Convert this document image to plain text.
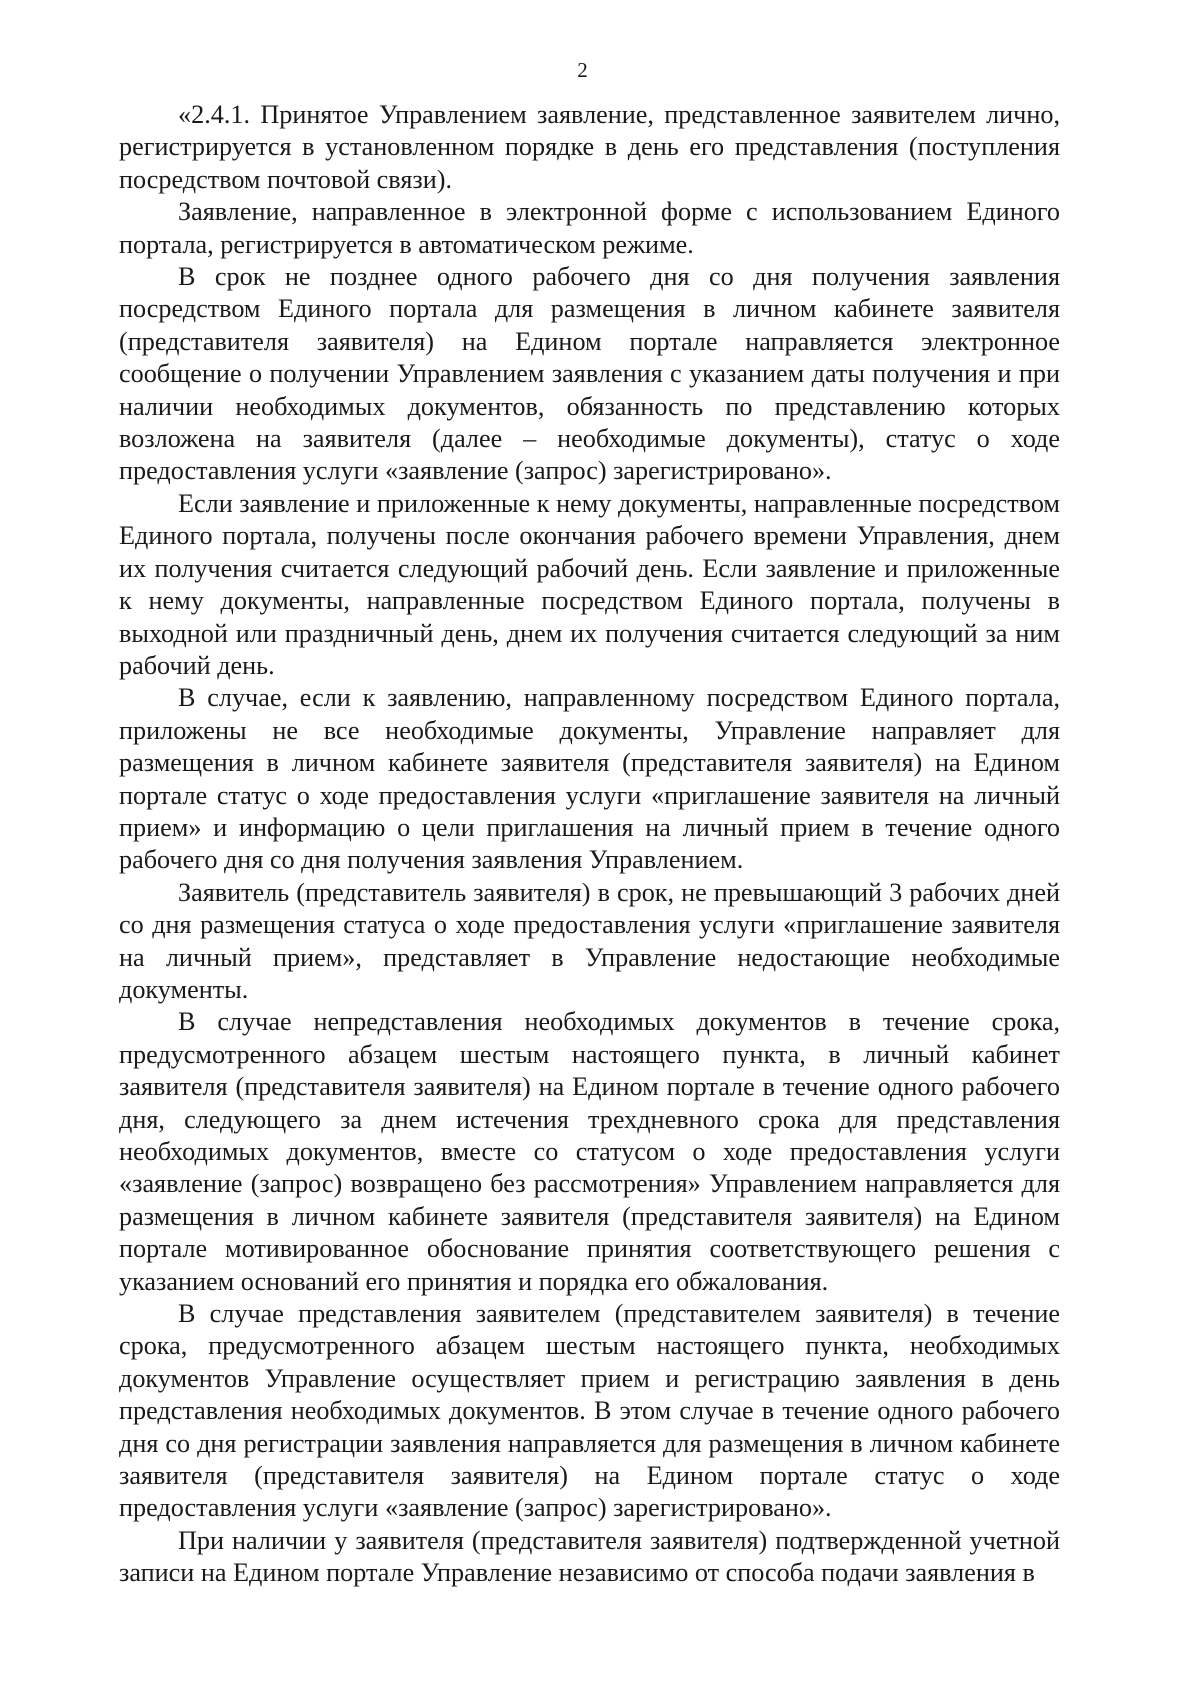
2

«2.4.1. Принятое Управлением заявление, представленное заявителем лично, регистрируется в установленном порядке в день его представления (поступления посредством почтовой связи).

Заявление, направленное в электронной форме с использованием Единого портала, регистрируется в автоматическом режиме.

В срок не позднее одного рабочего дня со дня получения заявления посредством Единого портала для размещения в личном кабинете заявителя (представителя заявителя) на Едином портале направляется электронное сообщение о получении Управлением заявления с указанием даты получения и при наличии необходимых документов, обязанность по представлению которых возложена на заявителя (далее – необходимые документы), статус о ходе предоставления услуги «заявление (запрос) зарегистрировано».

Если заявление и приложенные к нему документы, направленные посредством Единого портала, получены после окончания рабочего времени Управления, днем их получения считается следующий рабочий день. Если заявление и приложенные к нему документы, направленные посредством Единого портала, получены в выходной или праздничный день, днем их получения считается следующий за ним рабочий день.

В случае, если к заявлению, направленному посредством Единого портала, приложены не все необходимые документы, Управление направляет для размещения в личном кабинете заявителя (представителя заявителя) на Едином портале статус о ходе предоставления услуги «приглашение заявителя на личный прием» и информацию о цели приглашения на личный прием в течение одного рабочего дня со дня получения заявления Управлением.

Заявитель (представитель заявителя) в срок, не превышающий 3 рабочих дней со дня размещения статуса о ходе предоставления услуги «приглашение заявителя на личный прием», представляет в Управление недостающие необходимые документы.

В случае непредставления необходимых документов в течение срока, предусмотренного абзацем шестым настоящего пункта, в личный кабинет заявителя (представителя заявителя) на Едином портале в течение одного рабочего дня, следующего за днем истечения трехдневного срока для представления необходимых документов, вместе со статусом о ходе предоставления услуги «заявление (запрос) возвращено без рассмотрения» Управлением направляется для размещения в личном кабинете заявителя (представителя заявителя) на Едином портале мотивированное обоснование принятия соответствующего решения с указанием оснований его принятия и порядка его обжалования.

В случае представления заявителем (представителем заявителя) в течение срока, предусмотренного абзацем шестым настоящего пункта, необходимых документов Управление осуществляет прием и регистрацию заявления в день представления необходимых документов. В этом случае в течение одного рабочего дня со дня регистрации заявления направляется для размещения в личном кабинете заявителя (представителя заявителя) на Едином портале статус о ходе предоставления услуги «заявление (запрос) зарегистрировано».

При наличии у заявителя (представителя заявителя) подтвержденной учетной записи на Едином портале Управление независимо от способа подачи заявления в
